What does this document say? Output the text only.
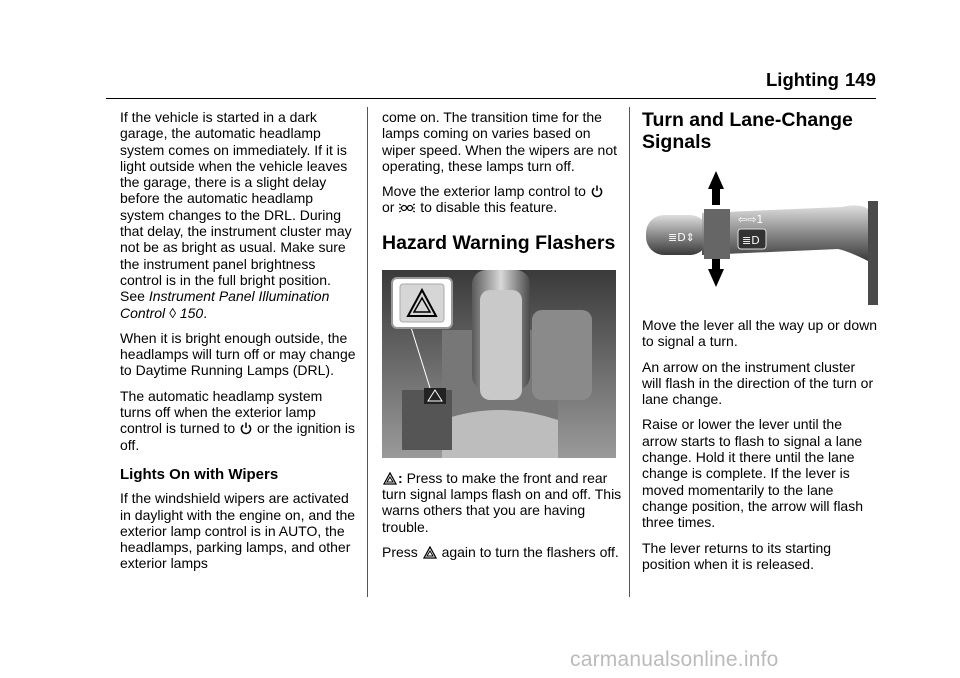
Lighting 149

If the vehicle is started in a dark garage, the automatic headlamp system comes on immediately. If it is light outside when the vehicle leaves the garage, there is a slight delay before the automatic headlamp system changes to the DRL. During that delay, the instrument cluster may not be as bright as usual. Make sure the instrument panel brightness control is in the full bright position. See Instrument Panel Illumination Control ◊ 150.

When it is bright enough outside, the headlamps will turn off or may change to Daytime Running Lamps (DRL).

The automatic headlamp system turns off when the exterior lamp control is turned to or the ignition is off.

Lights On with Wipers

If the windshield wipers are activated in daylight with the engine on, and the exterior lamp control is in AUTO, the headlamps, parking lamps, and other exterior lamps

come on. The transition time for the lamps coming on varies based on wiper speed. When the wipers are not operating, these lamps turn off.

Move the exterior lamp control to
or to disable this feature.

Hazard Warning Flashers

: Press to make the front and rear turn signal lamps flash on and off. This warns others that you are having trouble.

Press again to turn the flashers off.

Turn and Lane-Change Signals
≣D⇕
⇦⇨1
≣D

Move the lever all the way up or down to signal a turn.

An arrow on the instrument cluster will flash in the direction of the turn or lane change.

Raise or lower the lever until the arrow starts to flash to signal a lane change. Hold it there until the lane change is complete. If the lever is moved momentarily to the lane change position, the arrow will flash three times.

The lever returns to its starting position when it is released.

carmanualsonline.info
